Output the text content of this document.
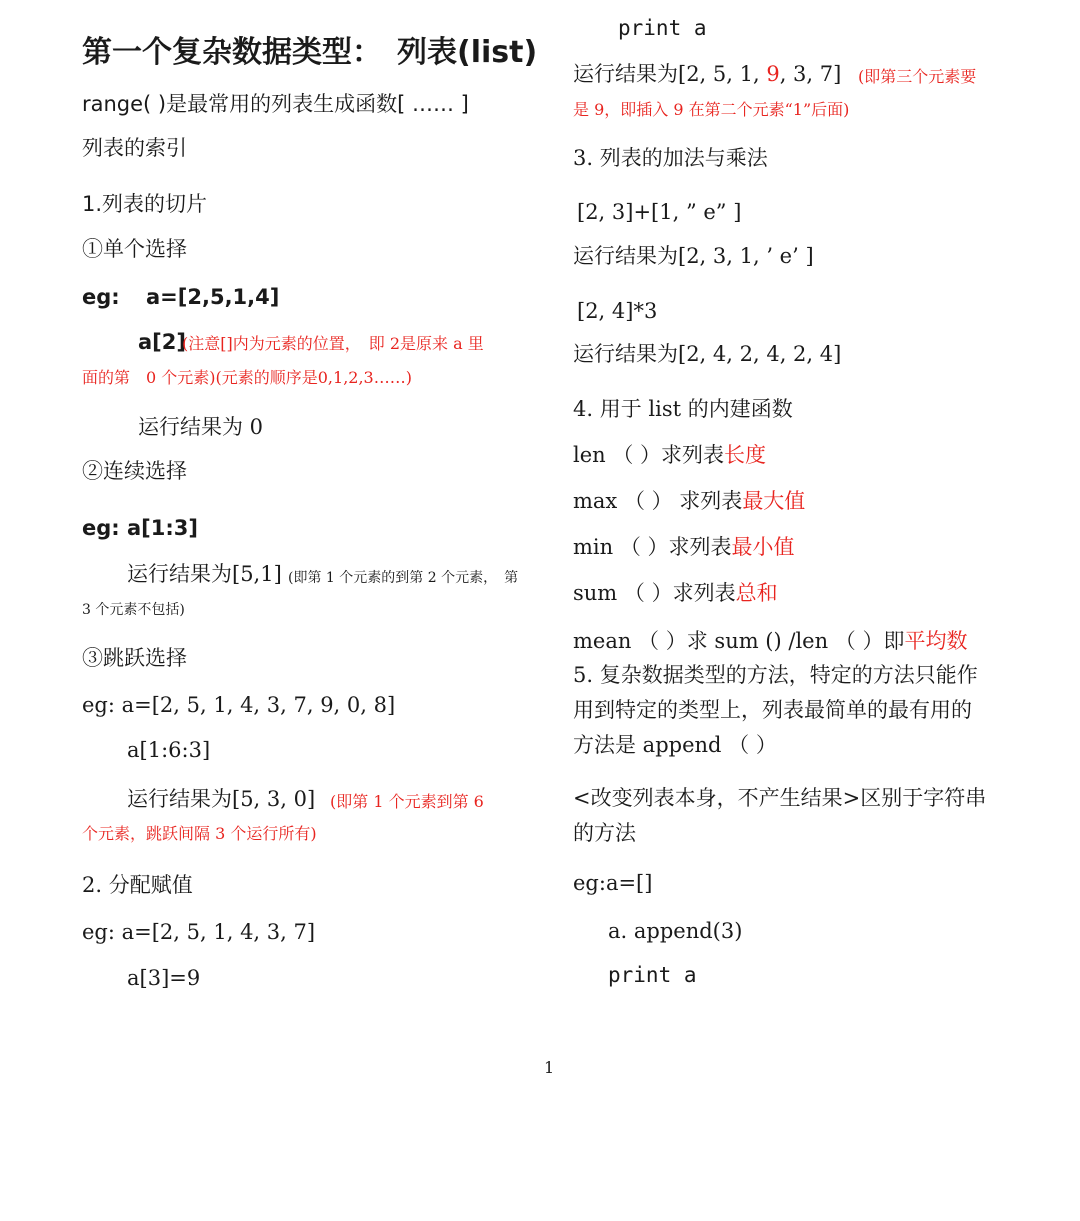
第一个复杂数据类型：　列表(list)
range( )是最常用的列表生成函数[ …… ]
列表的索引
1.列表的切片
①单个选择
eg: a=[2,5,1,4]
a[2]
(注意[]内为元素的位置，　即 2是原来 a 里
面的第　0 个元素)(元素的顺序是0,1,2,3……)
运行结果为 0
②连续选择
eg: a[1:3]
运行结果为[5,1] (即第 1 个元素的到第 2 个元素，　第
3 个元素不包括)
③跳跃选择
eg: a=[2, 5, 1, 4, 3, 7, 9, 0, 8]
a[1:6:3]
运行结果为[5, 3, 0] (即第 1 个元素到第 6
个元素，跳跃间隔 3 个运行所有)
2. 分配赋值
eg: a=[2, 5, 1, 4, 3, 7]
a[3]=9
print a
运行结果为[2, 5, 1, 9, 3, 7] (即第三个元素要
是 9，即插入 9 在第二个元素“1”后面)
3. 列表的加法与乘法
[2, 3]+[1, ” e” ]
运行结果为[2, 3, 1, ’ e’ ]
[2, 4]*3
运行结果为[2, 4, 2, 4, 2, 4]
4. 用于 list 的内建函数
len （ ）求列表长度
max （ ） 求列表最大值
min （ ）求列表最小值
sum （ ）求列表总和
mean （ ）求 sum () /len （ ）即平均数
5. 复杂数据类型的方法，特定的方法只能作
用到特定的类型上，列表最简单的最有用的
方法是 append （ ）
<改变列表本身，不产生结果>区别于字符串
的方法
eg:a=[]
a. append(3)
print a
1
